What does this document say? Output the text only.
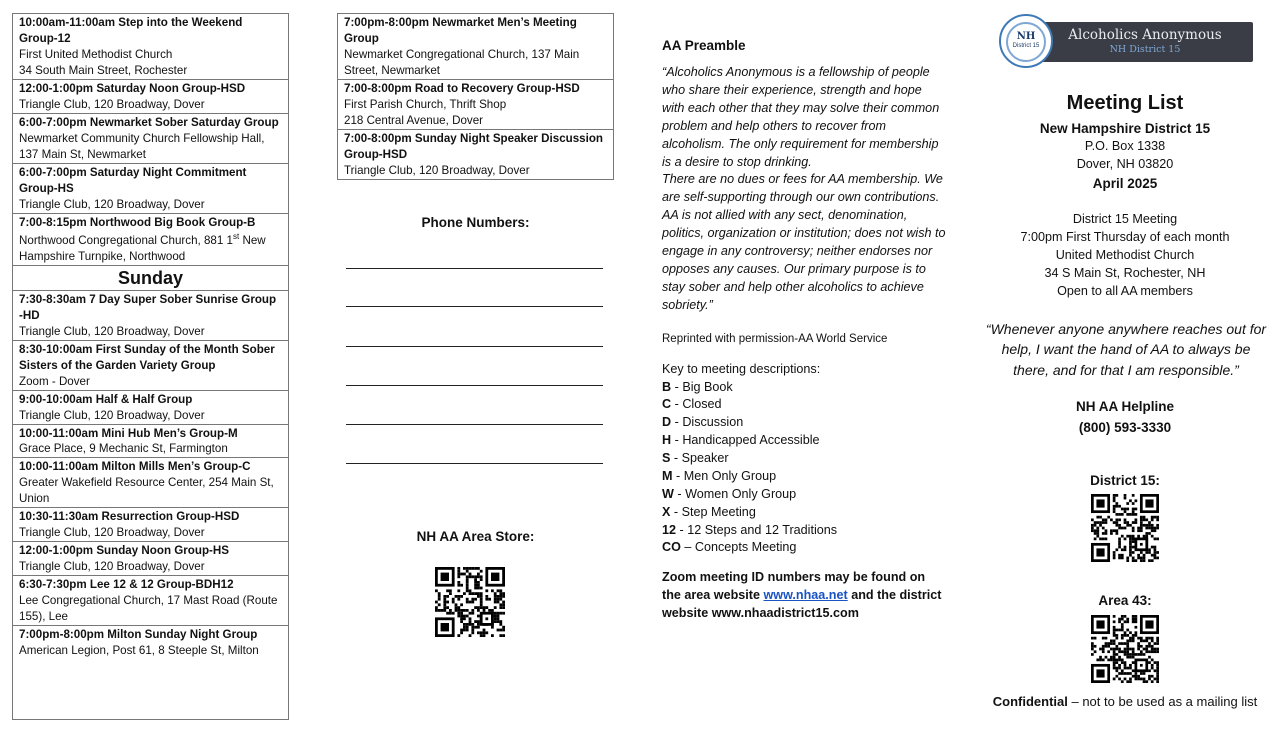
10:00am-11:00am Step into the Weekend Group-12
First United Methodist Church
34 South Main Street, Rochester
12:00-1:00pm Saturday Noon Group-HSD
Triangle Club, 120 Broadway, Dover
6:00-7:00pm Newmarket Sober Saturday Group
Newmarket Community Church Fellowship Hall, 137 Main St, Newmarket
6:00-7:00pm Saturday Night Commitment Group-HS
Triangle Club, 120 Broadway, Dover
7:00-8:15pm Northwood Big Book Group-B
Northwood Congregational Church, 881 1st New Hampshire Turnpike, Northwood
Sunday
7:30-8:30am 7 Day Super Sober Sunrise Group -HD
Triangle Club, 120 Broadway, Dover
8:30-10:00am First Sunday of the Month Sober Sisters of the Garden Variety Group
Zoom - Dover
9:00-10:00am Half & Half Group
Triangle Club, 120 Broadway, Dover
10:00-11:00am Mini Hub Men’s Group-M
Grace Place, 9 Mechanic St, Farmington
10:00-11:00am Milton Mills Men’s Group-C
Greater Wakefield Resource Center, 254 Main St, Union
10:30-11:30am Resurrection Group-HSD
Triangle Club, 120 Broadway, Dover
12:00-1:00pm Sunday Noon Group-HS
Triangle Club, 120 Broadway, Dover
6:30-7:30pm Lee 12 & 12 Group-BDH12
Lee Congregational Church, 17 Mast Road (Route 155), Lee
7:00pm-8:00pm Milton Sunday Night Group
American Legion, Post 61, 8 Steeple St, Milton
7:00pm-8:00pm Newmarket Men’s Meeting Group
Newmarket Congregational Church, 137 Main Street, Newmarket
7:00-8:00pm Road to Recovery Group-HSD
First Parish Church, Thrift Shop
218 Central Avenue, Dover
7:00-8:00pm Sunday Night Speaker Discussion Group-HSD
Triangle Club, 120 Broadway, Dover
Phone Numbers:
NH AA Area Store:
AA Preamble
“Alcoholics Anonymous is a fellowship of people who share their experience, strength and hope with each other that they may solve their common problem and help others to recover from alcoholism. The only requirement for membership is a desire to stop drinking.
There are no dues or fees for AA membership. We are self-supporting through our own contributions. AA is not allied with any sect, denomination, politics, organization or institution; does not wish to engage in any controversy; neither endorses nor opposes any causes. Our primary purpose is to stay sober and help other alcoholics to achieve sobriety.”
Reprinted with permission-AA World Service
Key to meeting descriptions:
B - Big Book
C - Closed
D - Discussion
H - Handicapped Accessible
S - Speaker
M - Men Only Group
W - Women Only Group
X - Step Meeting
12 - 12 Steps and 12 Traditions
CO – Concepts Meeting
Zoom meeting ID numbers may be found on the area website www.nhaa.net and the district website www.nhaadistrict15.com
Alcoholics Anonymous
NH District 15
NH
District 15
Meeting List
New Hampshire District 15
P.O. Box 1338
Dover, NH 03820
April 2025
District 15 Meeting
7:00pm First Thursday of each month
United Methodist Church
34 S Main St, Rochester, NH
Open to all AA members
“Whenever anyone anywhere reaches out for help, I want the hand of AA to always be there, and for that I am responsible.”
NH AA Helpline
(800) 593-3330
District 15:
Area 43:
Confidential – not to be used as a mailing list
